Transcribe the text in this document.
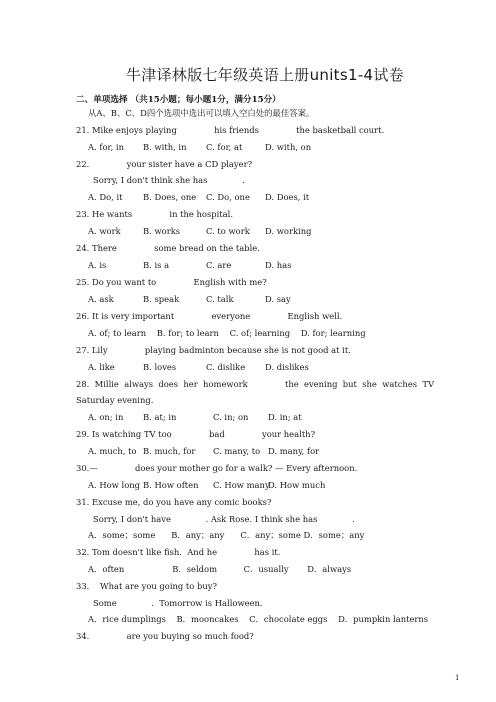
牛津译林版七年级英语上册units1-4试卷
二、单项选择 （共15小题；每小题1分，满分15分）
从A、B、C、D四个选项中选出可以填入空白处的最佳答案。
21. Mike enjoys playing              his friends              the basketball court.
A. for, in B. with, in C. for, at	D. with, on
22.              your sister have a CD player?
Sorry, I don't think she has             .
A. Do, it B. Does, one C. Do, one D. Does, it
23. He wants              in the hospital.
A. work	B. works	C. to work D. working
24. There              some bread on the table.
A. is	B. is a	C. are	D. has
25. Do you want to              English with me?
A. ask	B. speak	C. talk	D. say
26. It is very important              everyone              English well.
A. of; to learn    B. for; to learn    C. of; learning    D. for; learning
27. Lily              playing badminton because she is not good at it.
A. like	B. loves	C. dislike D. dislikes
28.  Millie  always  does  her  homework              the  evening  but  she  watches  TV
Saturday evening.
A. on; in B. at; in	C. in; on D. in; at
29. Is watching TV too              bad              your health?
A. much, to B. much, for C. many, to D. many, for
30.—              does your mother go for a walk? — Every afternoon.
A. How long B. How often C. How many
D. How much
31. Excuse me, do you have any comic books?
Sorry, I don't have             . Ask Rose. I think she has             .
A．some；some      B．any；any      C．any；some D．some；any
32. Tom doesn't like fish.  And he              has it.
A．often                  B．seldom          C．usually       D．always
33.    What are you going to buy?
Some             .  Tomorrow is Halloween.
A．rice dumplings    B．mooncakes    C．chocolate eggs    D．pumpkin lanterns
34.              are you buying so much food?
1
